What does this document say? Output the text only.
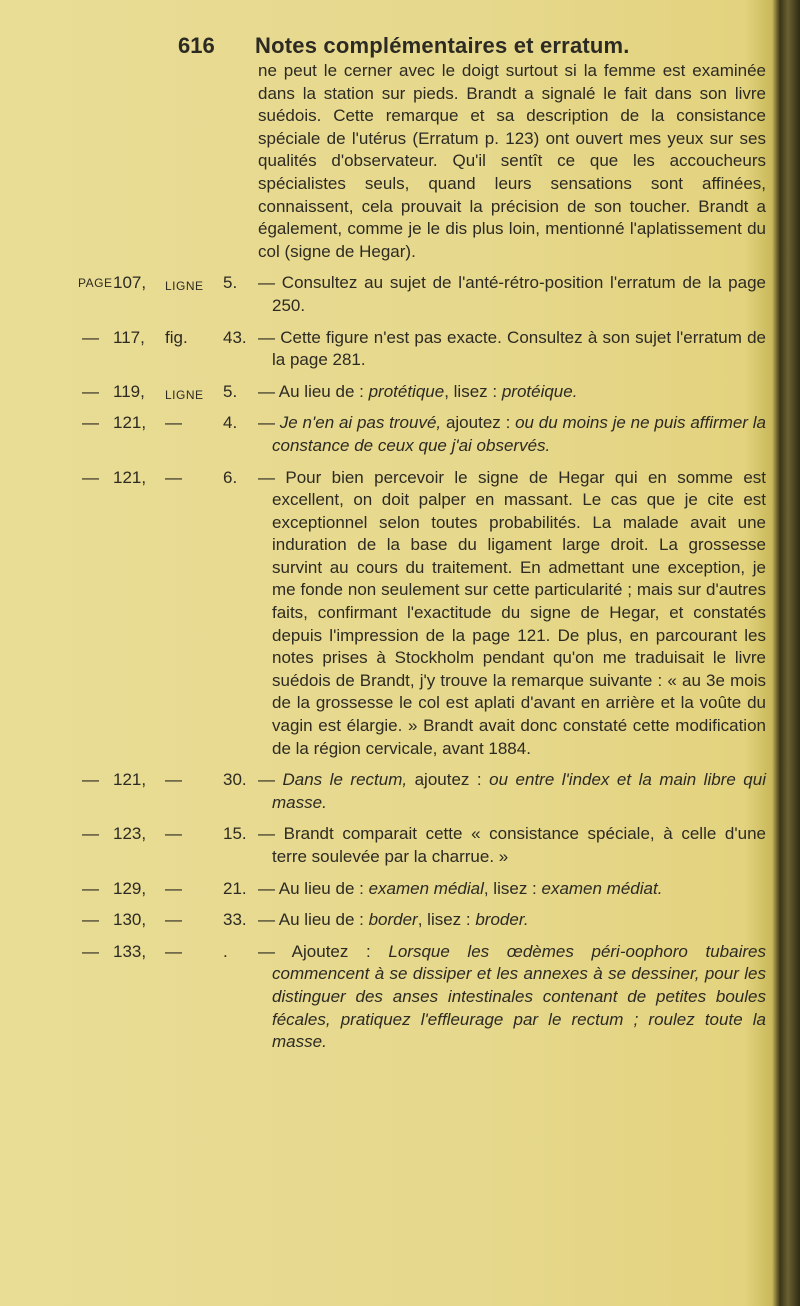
616 Notes complémentaires et erratum.

ne peut le cerner avec le doigt surtout si la femme est examinée dans la station sur pieds. Brandt a signalé le fait dans son livre suédois. Cette remarque et sa description de la consistance spéciale de l'utérus (Erratum p. 123) ont ouvert mes yeux sur ses qualités d'observateur. Qu'il sentît ce que les accoucheurs spécialistes seuls, quand leurs sensations sont affinées, connaissent, cela prouvait la précision de son toucher. Brandt a également, comme je le dis plus loin, mentionné l'aplatissement du col (signe de Hegar).

PAGE 107, LIGNE 5. — Consultez au sujet de l'anté-rétro-position l'erratum de la page 250.
— 117, fig. 43. — Cette figure n'est pas exacte. Consultez à son sujet l'erratum de la page 281.
— 119, LIGNE 5. — Au lieu de : protétique, lisez : protéique.
— 121, — 4. — Je n'en ai pas trouvé, ajoutez : ou du moins je ne puis affirmer la constance de ceux que j'ai observés.
— 121, — 6. — Pour bien percevoir le signe de Hegar qui en somme est excellent, on doit palper en massant. Le cas que je cite est exceptionnel selon toutes probabilités. La malade avait une induration de la base du ligament large droit. La grossesse survint au cours du traitement. En admettant une exception, je me fonde non seulement sur cette particularité ; mais sur d'autres faits, confirmant l'exactitude du signe de Hegar, et constatés depuis l'impression de la page 121. De plus, en parcourant les notes prises à Stockholm pendant qu'on me traduisait le livre suédois de Brandt, j'y trouve la remarque suivante : « au 3e mois de la grossesse le col est aplati d'avant en arrière et la voûte du vagin est élargie. » Brandt avait donc constaté cette modification de la région cervicale, avant 1884.
— 121, — 30. — Dans le rectum, ajoutez : ou entre l'index et la main libre qui masse.
— 123, — 15. — Brandt comparait cette « consistance spéciale, à celle d'une terre soulevée par la charrue. »
— 129, — 21. — Au lieu de : examen médial, lisez : examen médiat.
— 130, — 33. — Au lieu de : border, lisez : broder.
— 133, — . — Ajoutez : Lorsque les œdèmes péri-oophoro tubaires commencent à se dissiper et les annexes à se dessiner, pour les distinguer des anses intestinales contenant de petites boules fécales, pratiquez l'effleurage par le rectum ; roulez toute la masse.
